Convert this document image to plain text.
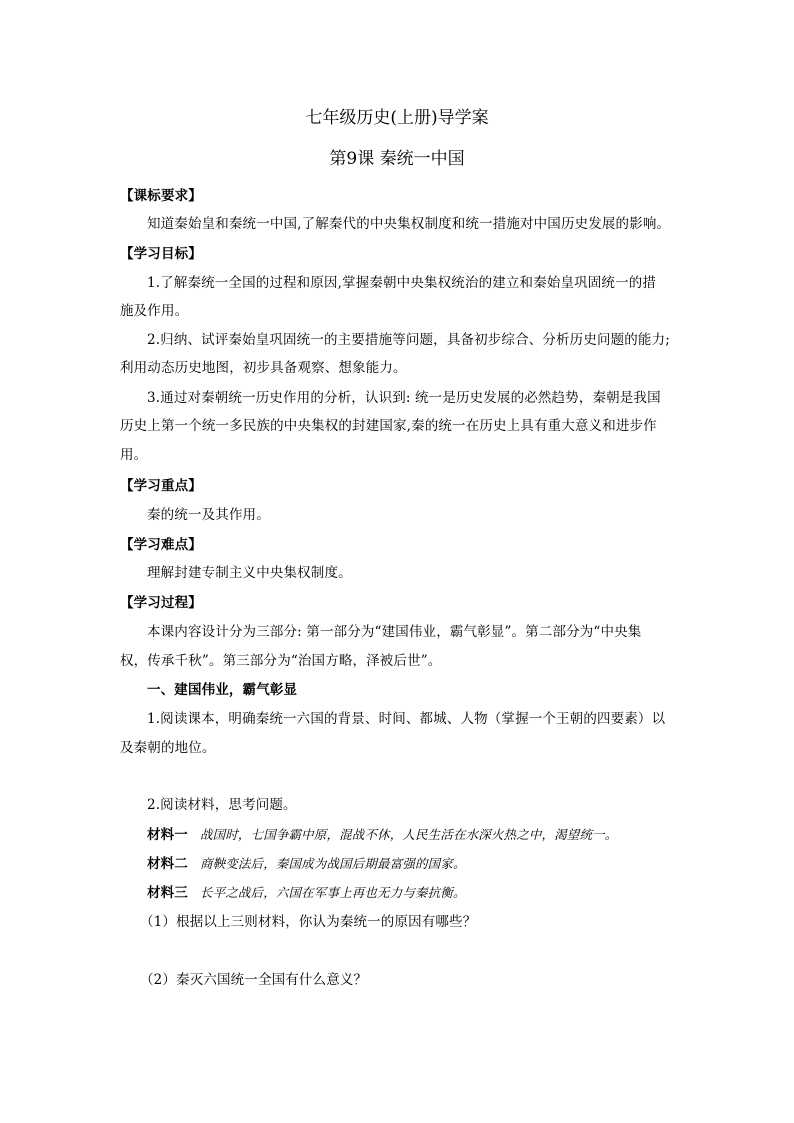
七年级历史(上册)导学案
第9课 秦统一中国
【课标要求】
知道秦始皇和秦统一中国,了解秦代的中央集权制度和统一措施对中国历史发展的影响。
【学习目标】
1.了解秦统一全国的过程和原因,掌握秦朝中央集权统治的建立和秦始皇巩固统一的措
施及作用。
2.归纳、试评秦始皇巩固统一的主要措施等问题，具备初步综合、分析历史问题的能力;
利用动态历史地图，初步具备观察、想象能力。
3.通过对秦朝统一历史作用的分析，认识到: 统一是历史发展的必然趋势，秦朝是我国
历史上第一个统一多民族的中央集权的封建国家,秦的统一在历史上具有重大意义和进步作
用。
【学习重点】
秦的统一及其作用。
【学习难点】
理解封建专制主义中央集权制度。
【学习过程】
本课内容设计分为三部分: 第一部分为“建国伟业，霸气彰显”。第二部分为“中央集
权，传承千秋”。第三部分为“治国方略，泽被后世”。
一、建国伟业，霸气彰显
1.阅读课本，明确秦统一六国的背景、时间、都城、人物（掌握一个王朝的四要素）以
及秦朝的地位。
2.阅读材料，思考问题。
材料一 战国时，七国争霸中原，混战不休，人民生活在水深火热之中，渴望统一。
材料二 商鞅变法后，秦国成为战国后期最富强的国家。
材料三 长平之战后，六国在军事上再也无力与秦抗衡。
（1）根据以上三则材料，你认为秦统一的原因有哪些？
（2）秦灭六国统一全国有什么意义？
